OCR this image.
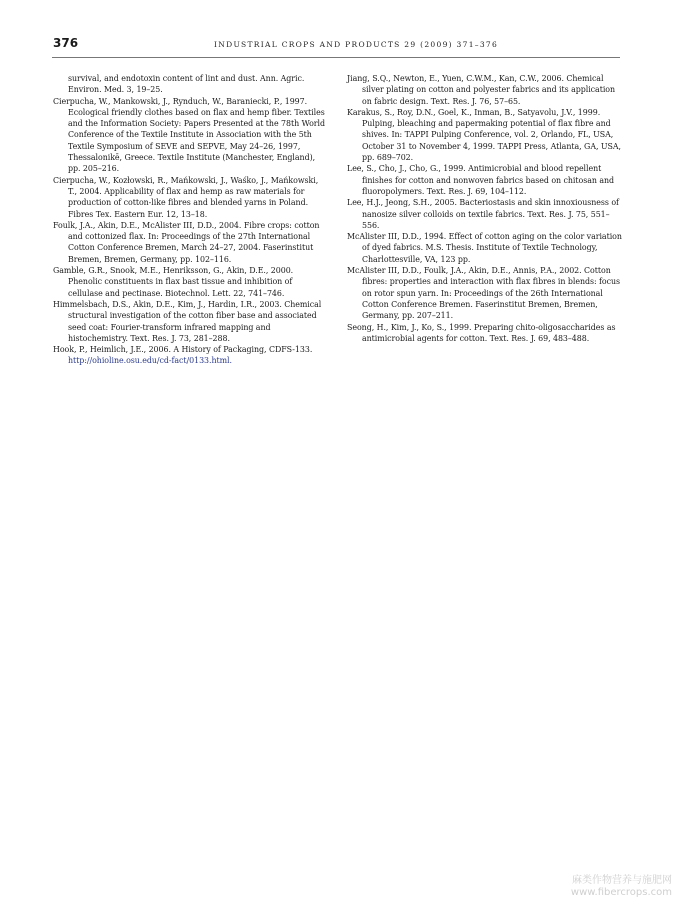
376	INDUSTRIAL CROPS AND PRODUCTS 29 (2009) 371–376
survival, and endotoxin content of lint and dust. Ann. Agric. Environ. Med. 3, 19–25.
Cierpucha, W., Mankowski, J., Rynduch, W., Baraniecki, P., 1997. Ecological friendly clothes based on flax and hemp fiber. Textiles and the Information Society: Papers Presented at the 78th World Conference of the Textile Institute in Association with the 5th Textile Symposium of SEVE and SEPVE, May 24–26, 1997, Thessalonikē, Greece. Textile Institute (Manchester, England), pp. 205–216.
Cierpucha, W., Kozłowski, R., Mańkowski, J., Waśko, J., Mańkowski, T., 2004. Applicability of flax and hemp as raw materials for production of cotton-like fibres and blended yarns in Poland. Fibres Tex. Eastern Eur. 12, 13–18.
Foulk, J.A., Akin, D.E., McAlister III, D.D., 2004. Fibre crops: cotton and cottonized flax. In: Proceedings of the 27th International Cotton Conference Bremen, March 24–27, 2004. Faserinstitut Bremen, Bremen, Germany, pp. 102–116.
Gamble, G.R., Snook, M.E., Henriksson, G., Akin, D.E., 2000. Phenolic constituents in flax bast tissue and inhibition of cellulase and pectinase. Biotechnol. Lett. 22, 741–746.
Himmelsbach, D.S., Akin, D.E., Kim, J., Hardin, I.R., 2003. Chemical structural investigation of the cotton fiber base and associated seed coat: Fourier-transform infrared mapping and histochemistry. Text. Res. J. 73, 281–288.
Hook, P., Heimlich, J.E., 2006. A History of Packaging, CDFS-133.
http://ohioline.osu.edu/cd-fact/0133.html.
Jiang, S.Q., Newton, E., Yuen, C.W.M., Kan, C.W., 2006. Chemical silver plating on cotton and polyester fabrics and its application on fabric design. Text. Res. J. 76, 57–65.
Karakus, S., Roy, D.N., Goel, K., Inman, B., Satyavolu, J.V., 1999. Pulping, bleaching and papermaking potential of flax fibre and shives. In: TAPPI Pulping Conference, vol. 2, Orlando, FL, USA, October 31 to November 4, 1999. TAPPI Press, Atlanta, GA, USA, pp. 689–702.
Lee, S., Cho, J., Cho, G., 1999. Antimicrobial and blood repellent finishes for cotton and nonwoven fabrics based on chitosan and fluoropolymers. Text. Res. J. 69, 104–112.
Lee, H.J., Jeong, S.H., 2005. Bacteriostasis and skin innoxiousness of nanosize silver colloids on textile fabrics. Text. Res. J. 75, 551–556.
McAlister III, D.D., 1994. Effect of cotton aging on the color variation of dyed fabrics. M.S. Thesis. Institute of Textile Technology, Charlottesville, VA, 123 pp.
McAlister III, D.D., Foulk, J.A., Akin, D.E., Annis, P.A., 2002. Cotton fibres: properties and interaction with flax fibres in blends: focus on rotor spun yarn. In: Proceedings of the 26th International Cotton Conference Bremen. Faserinstitut Bremen, Bremen, Germany, pp. 207–211.
Seong, H., Kim, J., Ko, S., 1999. Preparing chito-oligosaccharides as antimicrobial agents for cotton. Text. Res. J. 69, 483–488.
麻类作物营养与施肥网
www.fibercrops.com
